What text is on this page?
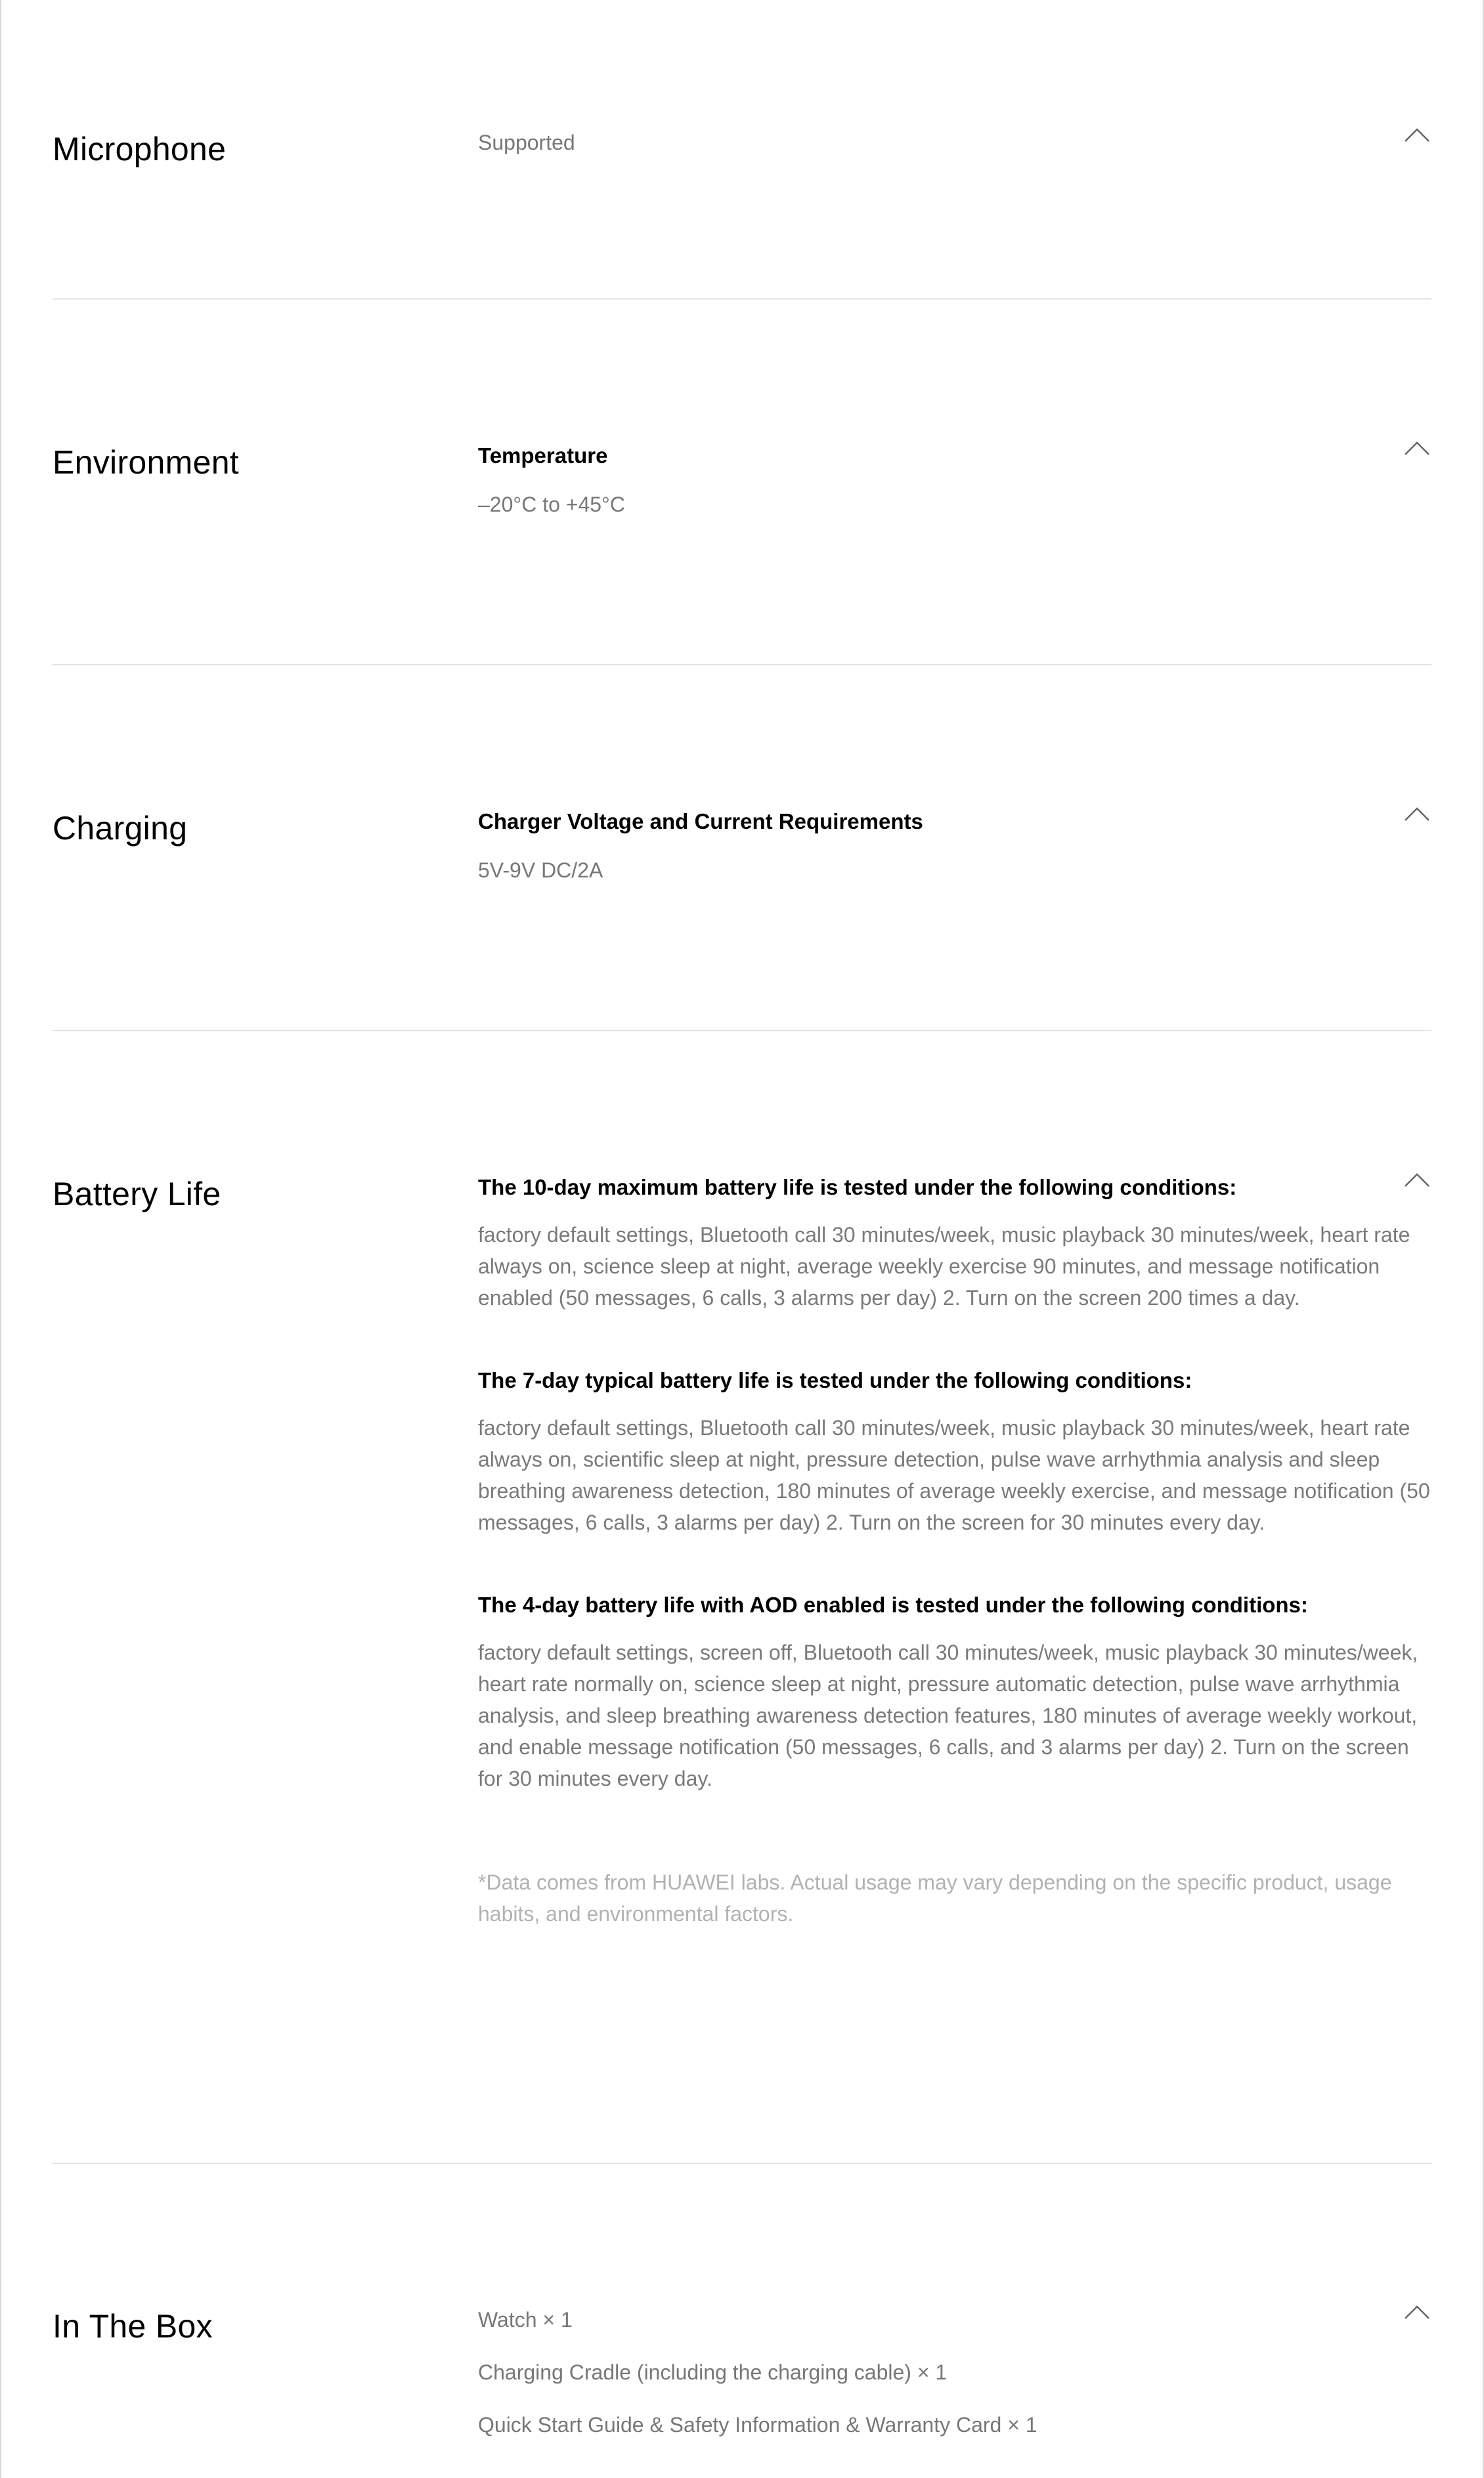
Microphone	Supported

Environment	Temperature

–20°C to +45°C

Charging	Charger Voltage and Current Requirements

5V-9V DC/2A

Battery Life	The 10-day maximum battery life is tested under the following conditions:

factory default settings, Bluetooth call 30 minutes/week, music playback 30 minutes/week, heart rate always on, science sleep at night, average weekly exercise 90 minutes, and message notification enabled (50 messages, 6 calls, 3 alarms per day) 2. Turn on the screen 200 times a day.

The 7-day typical battery life is tested under the following conditions:

factory default settings, Bluetooth call 30 minutes/week, music playback 30 minutes/week, heart rate always on, scientific sleep at night, pressure detection, pulse wave arrhythmia analysis and sleep breathing awareness detection, 180 minutes of average weekly exercise, and message notification (50 messages, 6 calls, 3 alarms per day) 2. Turn on the screen for 30 minutes every day.

The 4-day battery life with AOD enabled is tested under the following conditions:

factory default settings, screen off, Bluetooth call 30 minutes/week, music playback 30 minutes/week, heart rate normally on, science sleep at night, pressure automatic detection, pulse wave arrhythmia analysis, and sleep breathing awareness detection features, 180 minutes of average weekly workout, and enable message notification (50 messages, 6 calls, and 3 alarms per day) 2. Turn on the screen for 30 minutes every day.

*Data comes from HUAWEI labs. Actual usage may vary depending on the specific product, usage habits, and environmental factors.

In The Box	Watch × 1

Charging Cradle (including the charging cable) × 1

Quick Start Guide & Safety Information & Warranty Card × 1
